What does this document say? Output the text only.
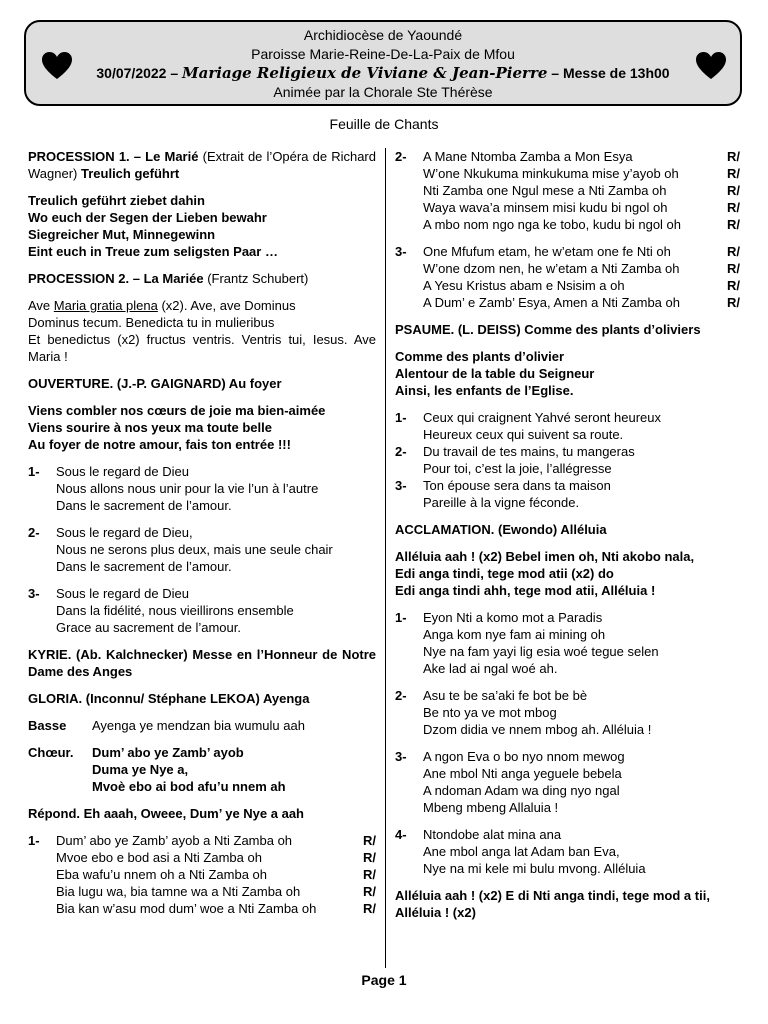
Archidiocèse de Yaoundé
Paroisse Marie-Reine-De-La-Paix de Mfou
30/07/2022 – Mariage Religieux de Viviane & Jean-Pierre – Messe de 13h00
Animée par la Chorale Ste Thérèse
Feuille de Chants
PROCESSION 1. – Le Marié (Extrait de l’Opéra de Richard Wagner) Treulich geführt
Treulich geführt ziebet dahin
Wo euch der Segen der Lieben bewahr
Siegreicher Mut, Minnegewinn
Eint euch in Treue zum seligsten Paar …
PROCESSION 2. – La Mariée (Frantz Schubert)
Ave Maria gratia plena (x2). Ave, ave Dominus
Dominus tecum. Benedicta tu in mulieribus
Et benedictus (x2) fructus ventris. Ventris tui, Iesus. Ave Maria !
OUVERTURE. (J.-P. GAIGNARD) Au foyer
Viens combler nos cœurs de joie ma bien-aimée
Viens sourire à nos yeux ma toute belle
Au foyer de notre amour, fais ton entrée !!!
1-	Sous le regard de Dieu
Nous allons nous unir pour la vie l’un à l’autre
Dans le sacrement de l’amour.
2-	Sous le regard de Dieu,
Nous ne serons plus deux, mais une seule chair
Dans le sacrement de l’amour.
3-	Sous le regard de Dieu
Dans la fidélité, nous vieillirons ensemble
Grace au sacrement de l’amour.
KYRIE. (Ab. Kalchnecker) Messe en l’Honneur de Notre Dame des Anges
GLORIA. (Inconnu/ Stéphane LEKOA) Ayenga
Basse	Ayenga ye mendzan bia wumulu aah
Chœur.	Dum’ abo ye Zamb’ ayob
Duma ye Nye a,
Mvoè ebo ai bod afu’u nnem ah
Répond. Eh aaah, Oweee, Dum’ ye Nye a aah
1-	Dum’ abo ye Zamb’ ayob a Nti Zamba oh	R/
Mvoe ebo e bod asi a Nti Zamba oh	R/
Eba wafu’u nnem oh a Nti Zamba oh	R/
Bia lugu wa, bia tamne wa a Nti Zamba oh	R/
Bia kan w’asu mod dum’ woe a Nti Zamba oh	R/
2-	A Mane Ntomba Zamba a Mon Esya	R/
W’one Nkukuma minkukuma mise y’ayob oh	R/
Nti Zamba one Ngul mese a Nti Zamba oh	R/
Waya wava’a minsem misi kudu bi ngol oh	R/
A mbo nom ngo nga ke tobo, kudu bi ngol oh	R/
3-	One Mfufum etam, he w’etam one fe Nti oh	R/
W’one dzom nen, he w’etam a Nti Zamba oh	R/
A Yesu Kristus abam e Nsisim a oh	R/
A Dum’ e Zamb’ Esya, Amen a Nti Zamba oh	R/
PSAUME. (L. DEISS) Comme des plants d’oliviers
Comme des plants d’olivier
Alentour de la table du Seigneur
Ainsi, les enfants de l’Eglise.
1-	Ceux qui craignent Yahvé seront heureux
Heureux ceux qui suivent sa route.
2-	Du travail de tes mains, tu mangeras
Pour toi, c’est la joie, l’allégresse
3-	Ton épouse sera dans ta maison
Pareille à la vigne féconde.
ACCLAMATION. (Ewondo) Alléluia
Alléluia aah ! (x2) Bebel imen oh, Nti akobo nala,
Edi anga tindi, tege mod atii (x2) do
Edi anga tindi ahh, tege mod atii, Alléluia !
1-	Eyon Nti a komo mot a Paradis
Anga kom nye fam ai mining oh
Nye na fam yayi lig esia woé tegue selen
Ake lad ai ngal woé ah.
2-	Asu te be sa’aki fe bot be bè
Be nto ya ve mot mbog
Dzom didia ve nnem mbog ah. Alléluia !
3-	A ngon Eva o bo nyo nnom mewog
Ane mbol Nti anga yeguele bebela
A ndoman Adam wa ding nyo ngal
Mbeng mbeng Allaluia !
4-	Ntondobe alat mina ana
Ane mbol anga lat Adam ban Eva,
Nye na mi kele mi bulu mvong. Alléluia
Alléluia aah ! (x2) E di Nti anga tindi, tege mod a tii, Alléluia ! (x2)
Page 1
